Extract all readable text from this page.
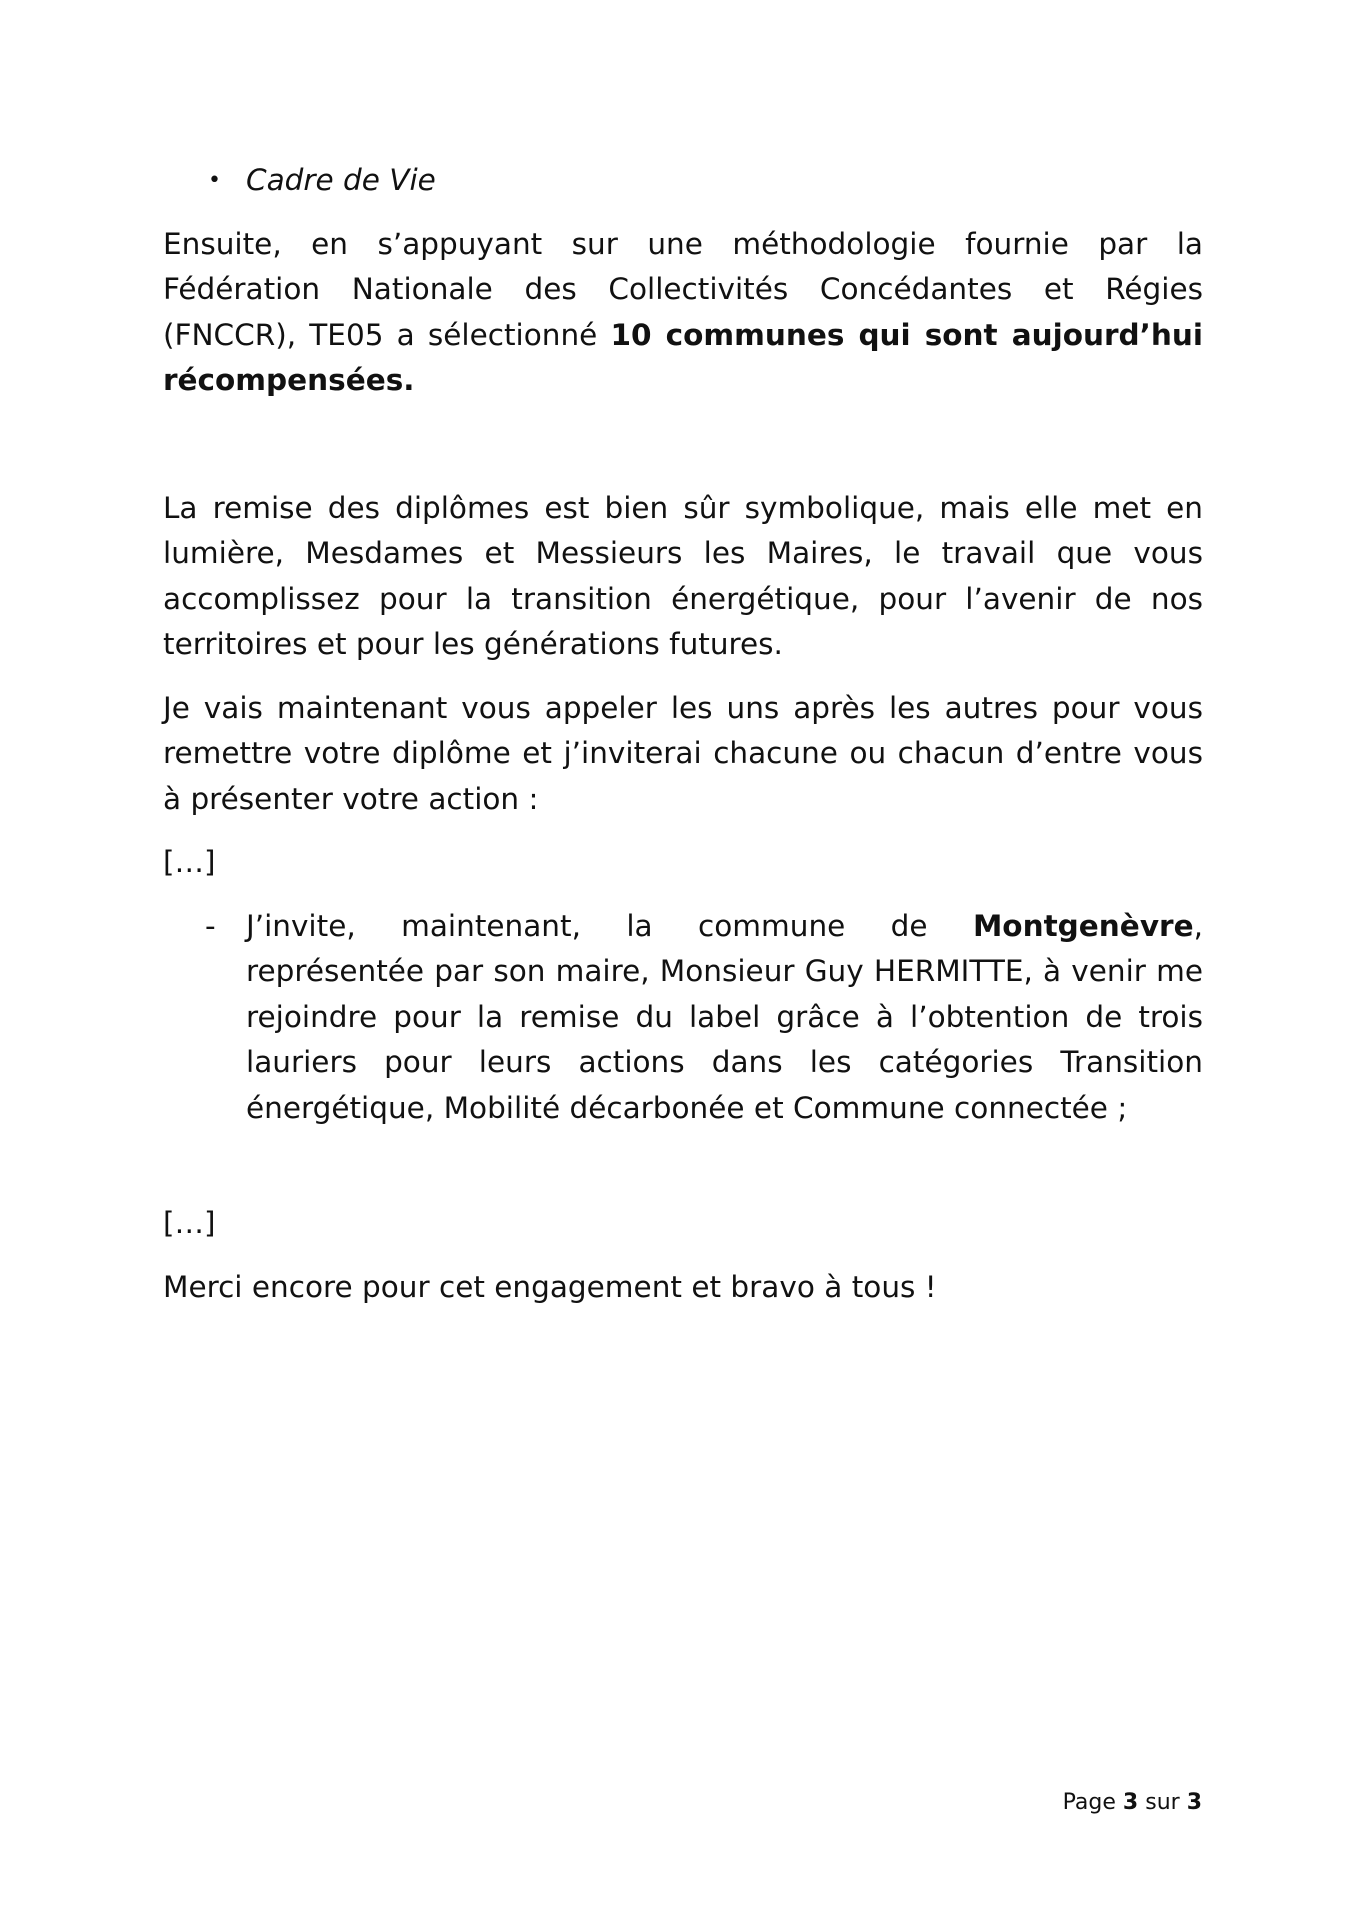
• Cadre de Vie

Ensuite, en s’appuyant sur une méthodologie fournie par la Fédération Nationale des Collectivités Concédantes et Régies (FNCCR), TE05 a sélectionné 10 communes qui sont aujourd’hui récompensées.

La remise des diplômes est bien sûr symbolique, mais elle met en lumière, Mesdames et Messieurs les Maires, le travail que vous accomplissez pour la transition énergétique, pour l’avenir de nos territoires et pour les générations futures.

Je vais maintenant vous appeler les uns après les autres pour vous remettre votre diplôme et j’inviterai chacune ou chacun d’entre vous à présenter votre action :

[…]

- J’invite, maintenant, la commune de Montgenèvre, représentée par son maire, Monsieur Guy HERMITTE, à venir me rejoindre pour la remise du label grâce à l’obtention de trois lauriers pour leurs actions dans les catégories Transition énergétique, Mobilité décarbonée et Commune connectée ;

[…]

Merci encore pour cet engagement et bravo à tous !

Page 3 sur 3
